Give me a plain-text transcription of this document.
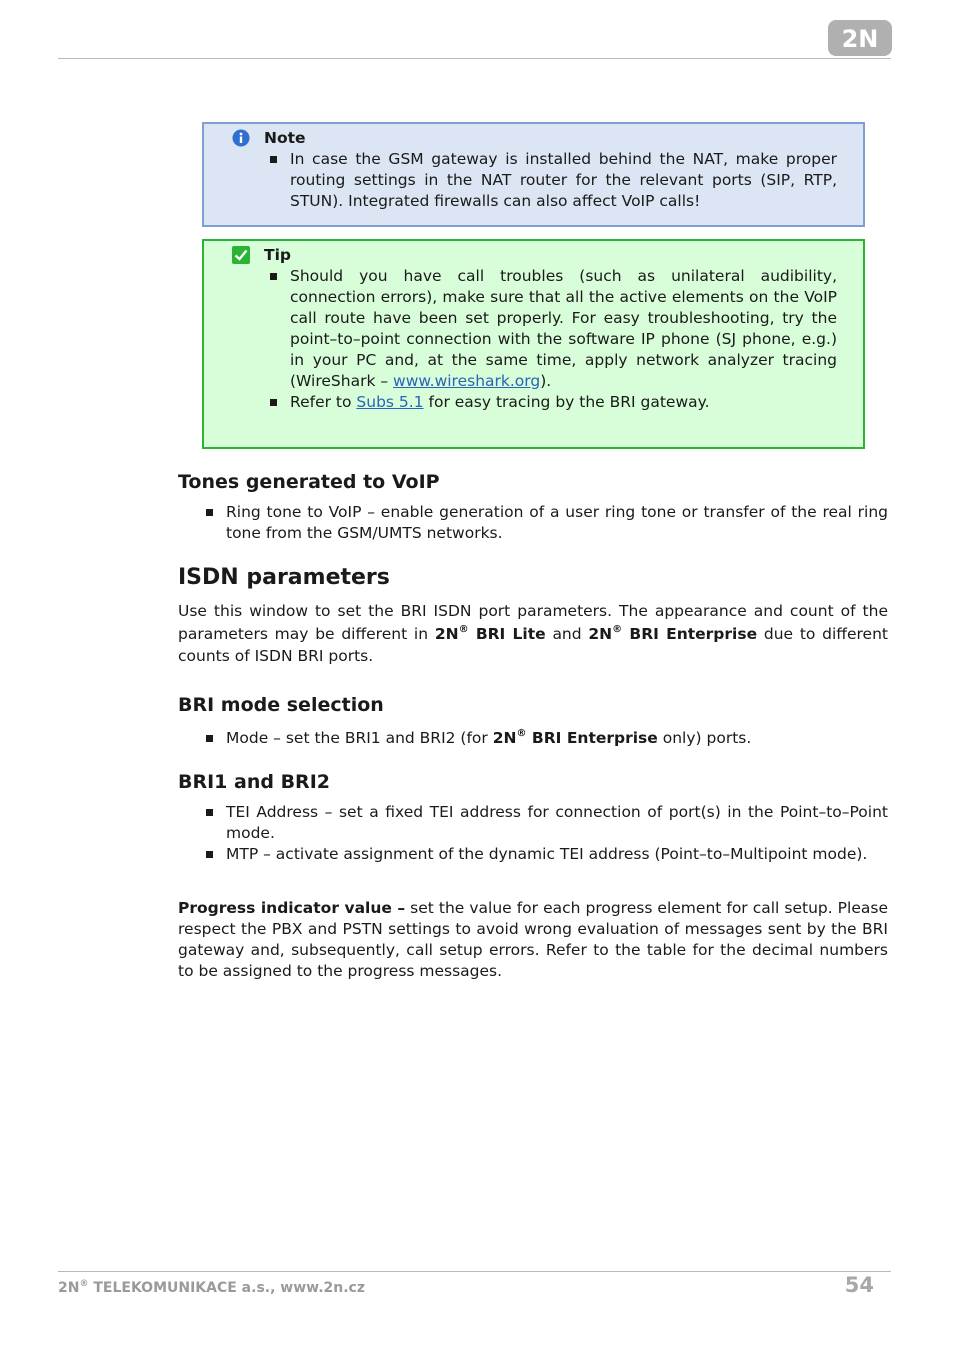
2N
Note
In case the GSM gateway is installed behind the NAT, make proper routing settings in the NAT router for the relevant ports (SIP, RTP, STUN). Integrated firewalls can also affect VoIP calls!
Tip
Should you have call troubles (such as unilateral audibility, connection errors), make sure that all the active elements on the VoIP call route have been set properly. For easy troubleshooting, try the point–to–point connection with the software IP phone (SJ phone, e.g.) in your PC and, at the same time, apply network analyzer tracing (WireShark – www.wireshark.org).
Refer to Subs 5.1 for easy tracing by the BRI gateway.
Tones generated to VoIP
Ring tone to VoIP – enable generation of a user ring tone or transfer of the real ring tone from the GSM/UMTS networks.
ISDN parameters

Use this window to set the BRI ISDN port parameters. The appearance and count of the parameters may be different in 2N® BRI Lite and 2N® BRI Enterprise due to different counts of ISDN BRI ports.

BRI mode selection
Mode – set the BRI1 and BRI2 (for 2N® BRI Enterprise only) ports.
BRI1 and BRI2
TEI Address – set a fixed TEI address for connection of port(s) in the Point–to–Point mode.
MTP – activate assignment of the dynamic TEI address (Point–to–Multipoint mode).

Progress indicator value – set the value for each progress element for call setup. Please respect the PBX and PSTN settings to avoid wrong evaluation of messages sent by the BRI gateway and, subsequently, call setup errors. Refer to the table for the decimal numbers to be assigned to the progress messages.

2N® TELEKOMUNIKACE a.s., www.2n.cz	54
